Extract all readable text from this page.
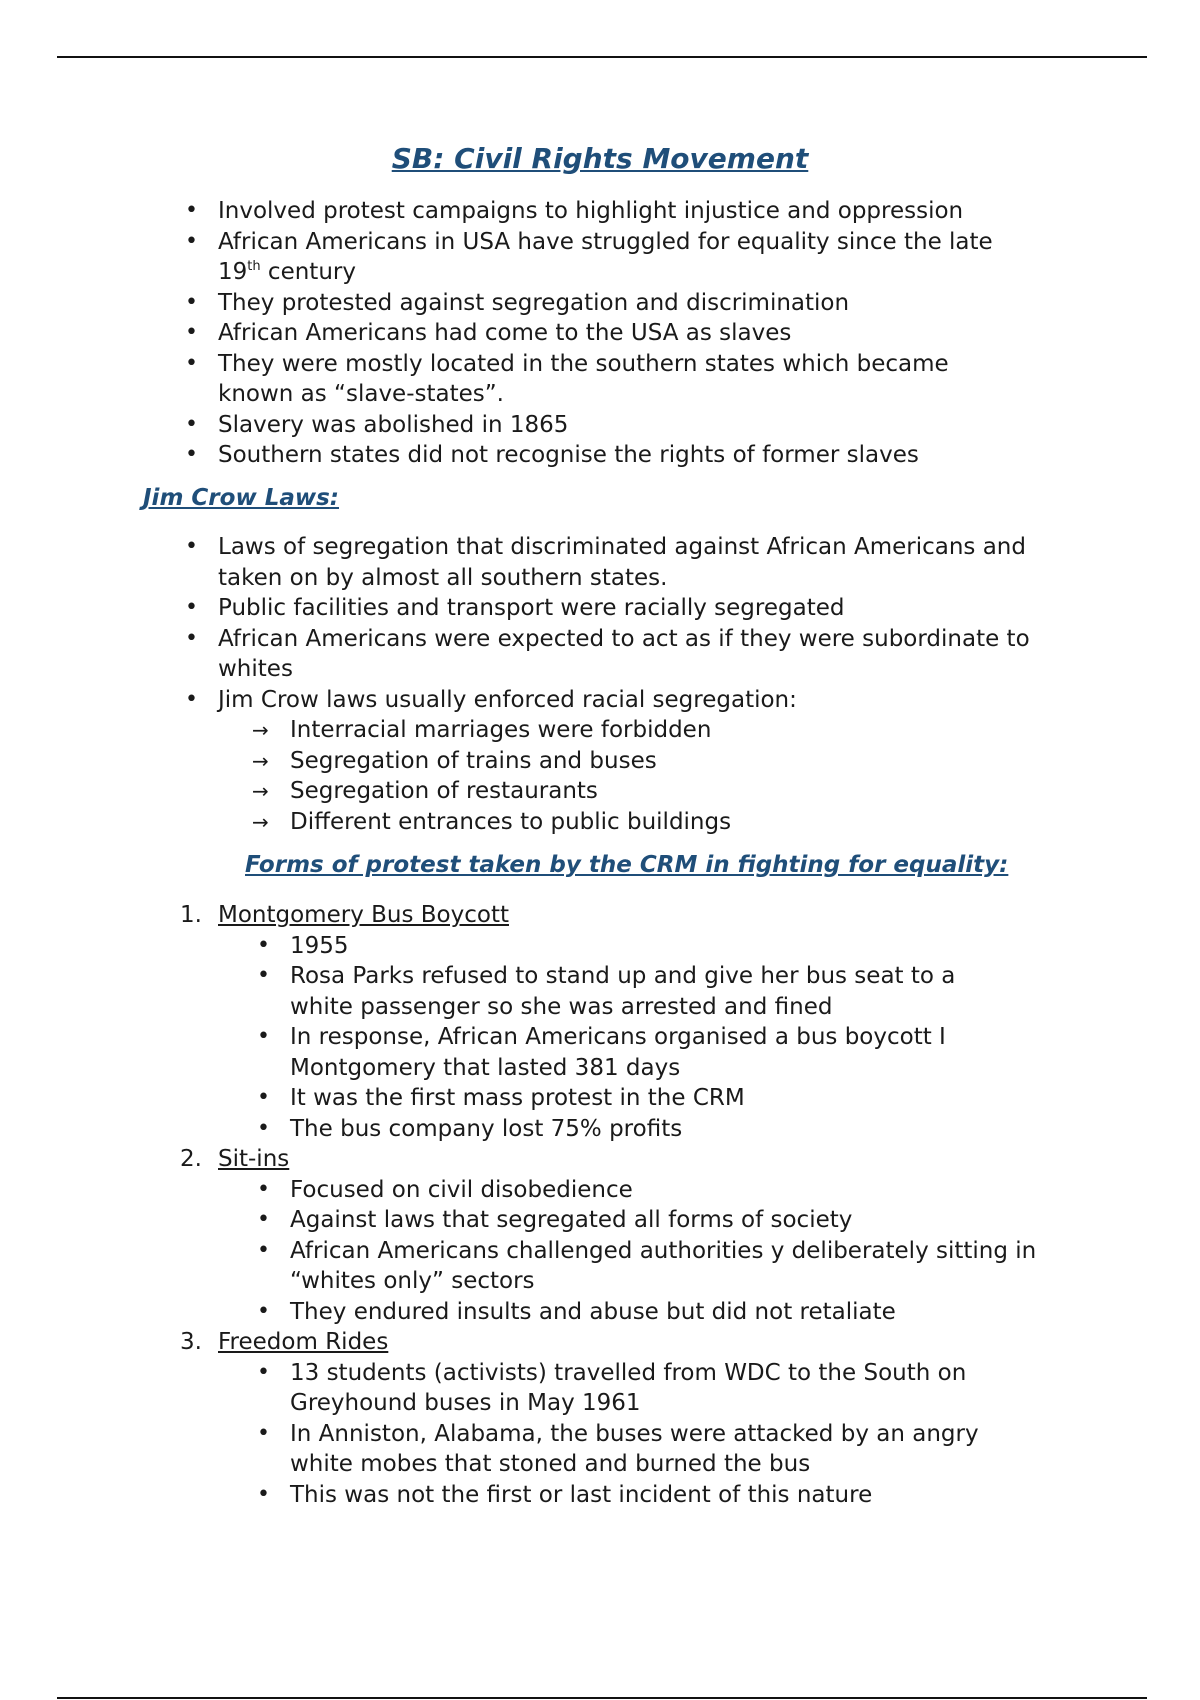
SB: Civil Rights Movement
• Involved protest campaigns to highlight injustice and oppression
• African Americans in USA have struggled for equality since the late
19th century
• They protested against segregation and discrimination
• African Americans had come to the USA as slaves
• They were mostly located in the southern states which became known as “slave-states”.
• Slavery was abolished in 1865
• Southern states did not recognise the rights of former slaves
Jim Crow Laws:
• Laws of segregation that discriminated against African Americans and taken on by almost all southern states.
• Public facilities and transport were racially segregated
• African Americans were expected to act as if they were subordinate to whites
• Jim Crow laws usually enforced racial segregation:
→ Interracial marriages were forbidden
→ Segregation of trains and buses
→ Segregation of restaurants
→ Different entrances to public buildings
Forms of protest taken by the CRM in fighting for equality:
1. Montgomery Bus Boycott
• 1955
• Rosa Parks refused to stand up and give her bus seat to a white passenger so she was arrested and fined
• In response, African Americans organised a bus boycott I Montgomery that lasted 381 days
• It was the first mass protest in the CRM
• The bus company lost 75% profits
2. Sit-ins
• Focused on civil disobedience
• Against laws that segregated all forms of society
• African Americans challenged authorities y deliberately sitting in “whites only” sectors
• They endured insults and abuse but did not retaliate
3. Freedom Rides
• 13 students (activists) travelled from WDC to the South on Greyhound buses in May 1961
• In Anniston, Alabama, the buses were attacked by an angry white mobes that stoned and burned the bus
• This was not the first or last incident of this nature
